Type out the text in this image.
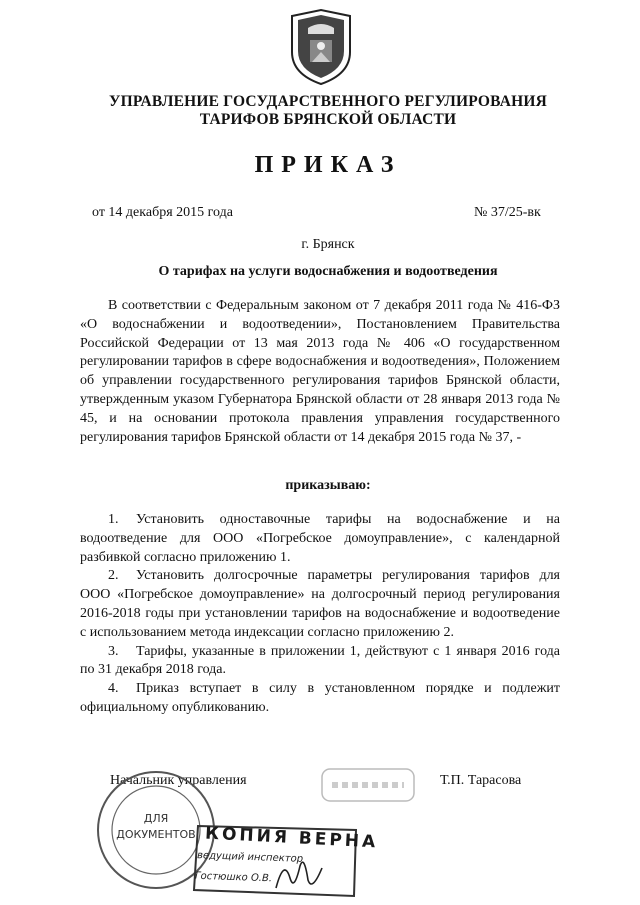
УПРАВЛЕНИЕ ГОСУДАРСТВЕННОГО РЕГУЛИРОВАНИЯ
ТАРИФОВ БРЯНСКОЙ ОБЛАСТИ
ПРИКАЗ
от 14 декабря 2015 года	№ 37/25-вк
г. Брянск
О тарифах на услуги водоснабжения и водоотведения
В соответствии с Федеральным законом от 7 декабря 2011 года № 416-ФЗ «О водоснабжении и водоотведении», Постановлением Правительства Российской Федерации от 13 мая 2013 года № 406 «О государственном регулировании тарифов в сфере водоснабжения и водоотведения», Положением об управлении государственного регулирования тарифов Брянской области, утвержденным указом Губернатора Брянской области от 28 января 2013 года № 45, и на основании протокола правления управления государственного регулирования тарифов Брянской области от 14 декабря 2015 года № 37, -
приказываю:

1. Установить одноставочные тарифы на водоснабжение и на водоотведение для ООО «Погребское домоуправление», с календарной разбивкой согласно приложению 1.

2. Установить долгосрочные параметры регулирования тарифов для ООО «Погребское домоуправление» на долгосрочный период регулирования 2016-2018 годы при установлении тарифов на водоснабжение и водоотведение с использованием метода индексации согласно приложению 2.

3. Тарифы, указанные в приложении 1, действуют с 1 января 2016 года по 31 декабря 2018 года.

4. Приказ вступает в силу в установленном порядке и подлежит официальному опубликованию.

Начальник управления	Т.П. Тарасова
ДЛЯ
ДОКУМЕНТОВ КОПИЯ ВЕРНА
ведущий инспектор
Гостюшко О.В.
